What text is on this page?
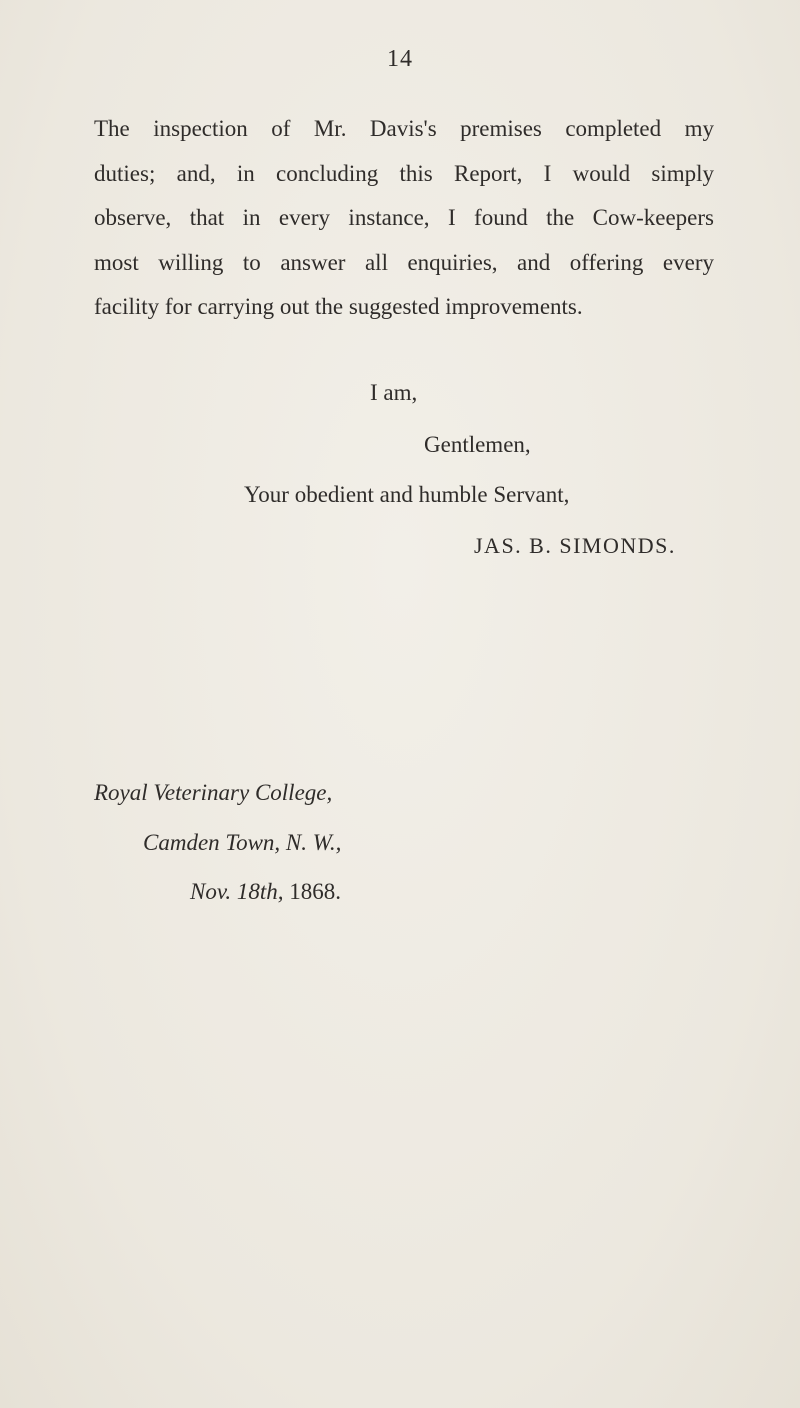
14
The inspection of Mr. Davis's premises completed my
duties; and, in concluding this Report, I would simply
observe, that in every instance, I found the Cow-keepers
most willing to answer all enquiries, and offering every
facility for carrying out the suggested improvements.
I am,
Gentlemen,
Your obedient and humble Servant,
JAS. B. SIMONDS.
Royal Veterinary College,
Camden Town, N. W.,
Nov. 18th, 1868.
